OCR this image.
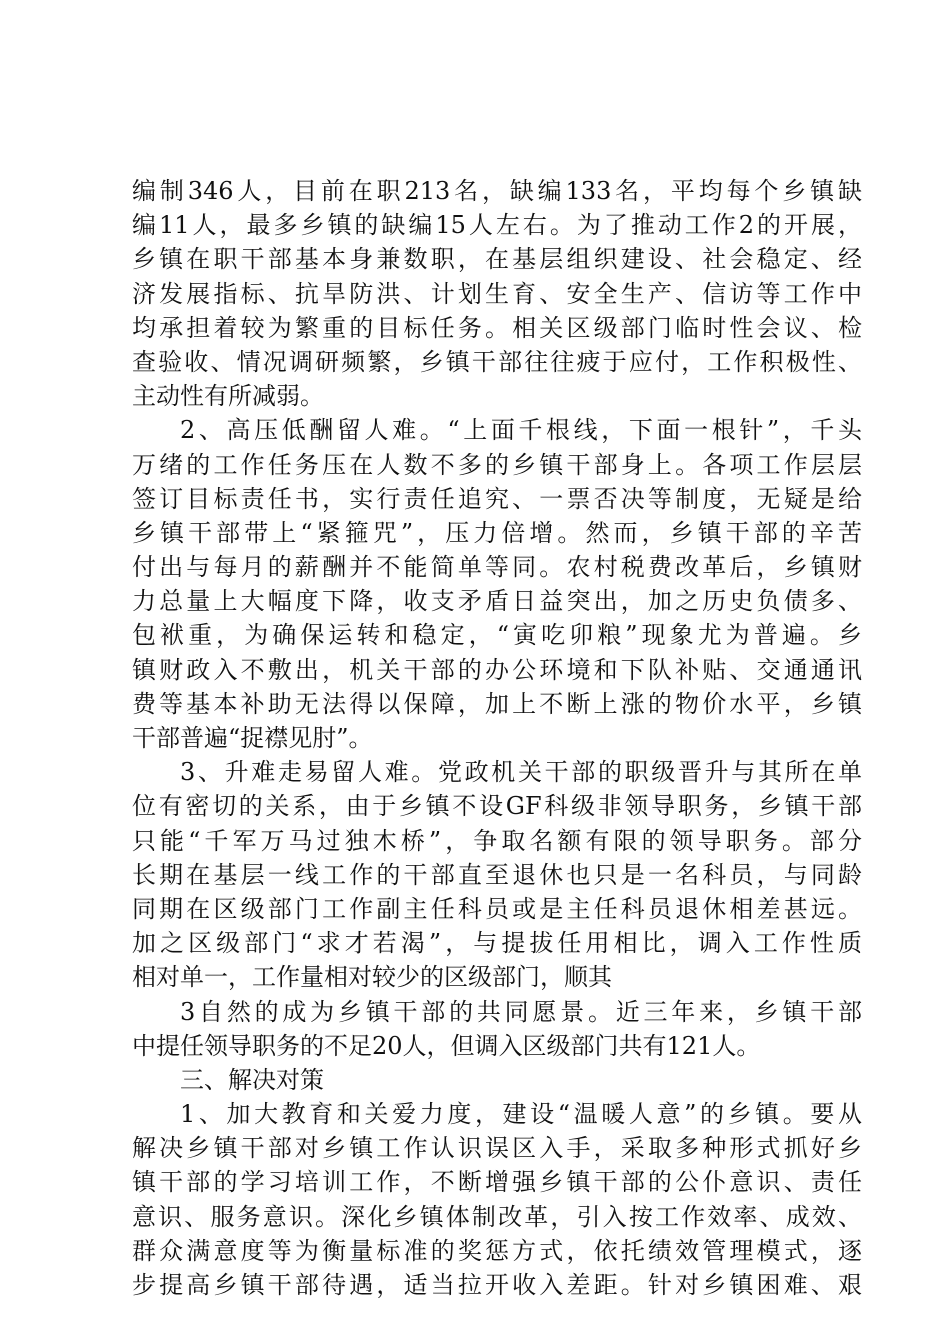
编制346人，目前在职213名，缺编133名，平均每个乡镇缺
编11人，最多乡镇的缺编15人左右。为了推动工作2的开展，
乡镇在职干部基本身兼数职，在基层组织建设、社会稳定、经
济发展指标、抗旱防洪、计划生育、安全生产、信访等工作中
均承担着较为繁重的目标任务。相关区级部门临时性会议、检
查验收、情况调研频繁，乡镇干部往往疲于应付，工作积极性、
主动性有所减弱。
2、高压低酬留人难。“上面千根线，下面一根针”，千头
万绪的工作任务压在人数不多的乡镇干部身上。各项工作层层
签订目标责任书，实行责任追究、一票否决等制度，无疑是给
乡镇干部带上“紧箍咒”，压力倍增。然而，乡镇干部的辛苦
付出与每月的薪酬并不能简单等同。农村税费改革后，乡镇财
力总量上大幅度下降，收支矛盾日益突出，加之历史负债多、
包袱重，为确保运转和稳定，“寅吃卯粮”现象尤为普遍。乡
镇财政入不敷出，机关干部的办公环境和下队补贴、交通通讯
费等基本补助无法得以保障，加上不断上涨的物价水平，乡镇
干部普遍“捉襟见肘”。
3、升难走易留人难。党政机关干部的职级晋升与其所在单
位有密切的关系，由于乡镇不设GF科级非领导职务，乡镇干部
只能“千军万马过独木桥”，争取名额有限的领导职务。部分
长期在基层一线工作的干部直至退休也只是一名科员，与同龄
同期在区级部门工作副主任科员或是主任科员退休相差甚远。
加之区级部门“求才若渴”，与提拔任用相比，调入工作性质
相对单一，工作量相对较少的区级部门，顺其
3自然的成为乡镇干部的共同愿景。近三年来，乡镇干部
中提任领导职务的不足20人，但调入区级部门共有121人。
三、解决对策
1、加大教育和关爱力度，建设“温暖人意”的乡镇。要从
解决乡镇干部对乡镇工作认识误区入手，采取多种形式抓好乡
镇干部的学习培训工作，不断增强乡镇干部的公仆意识、责任
意识、服务意识。深化乡镇体制改革，引入按工作效率、成效、
群众满意度等为衡量标准的奖惩方式，依托绩效管理模式，逐
步提高乡镇干部待遇，适当拉开收入差距。针对乡镇困难、艰
